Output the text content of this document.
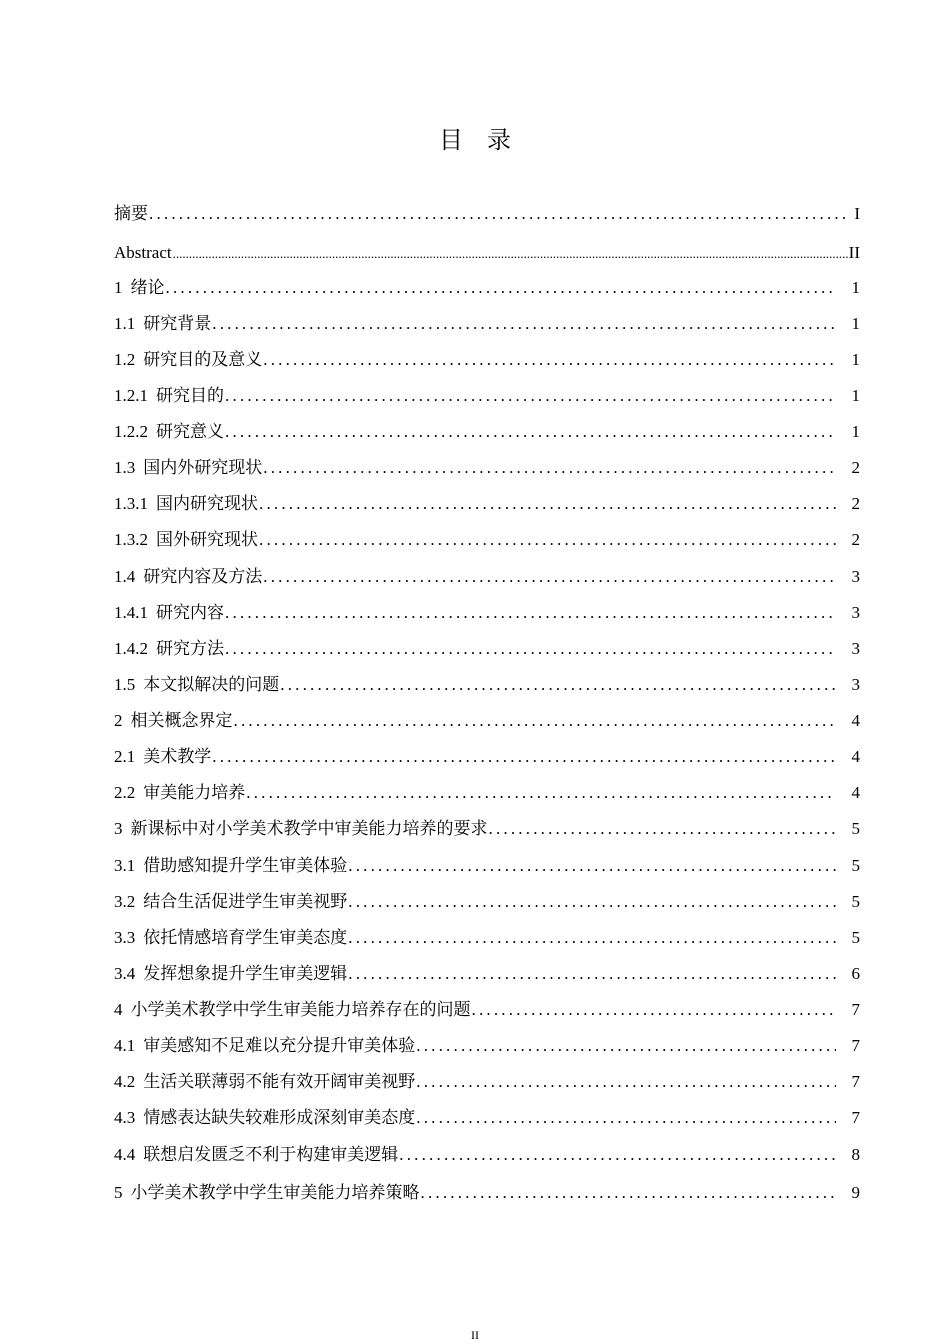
目 录
摘要 .....	I
Abstract .....	II
1 绪论 .....	1
1.1 研究背景 .....	1
1.2 研究目的及意义 .....	1
1.2.1 研究目的 .....	1
1.2.2 研究意义 .....	1
1.3 国内外研究现状 .....	2
1.3.1 国内研究现状 .....	2
1.3.2 国外研究现状 .....	2
1.4 研究内容及方法 .....	3
1.4.1 研究内容 .....	3
1.4.2 研究方法 .....	3
1.5 本文拟解决的问题 .....	3
2 相关概念界定 .....	4
2.1 美术教学 .....	4
2.2 审美能力培养 .....	4
3 新课标中对小学美术教学中审美能力培养的要求 .....	5
3.1 借助感知提升学生审美体验 .....	5
3.2 结合生活促进学生审美视野 .....	5
3.3 依托情感培育学生审美态度 .....	5
3.4 发挥想象提升学生审美逻辑 .....	6
4 小学美术教学中学生审美能力培养存在的问题 .....	7
4.1 审美感知不足难以充分提升审美体验 .....	7
4.2 生活关联薄弱不能有效开阔审美视野 .....	7
4.3 情感表达缺失较难形成深刻审美态度 .....	7
4.4 联想启发匮乏不利于构建审美逻辑 .....	8
5 小学美术教学中学生审美能力培养策略 .....	9
II
